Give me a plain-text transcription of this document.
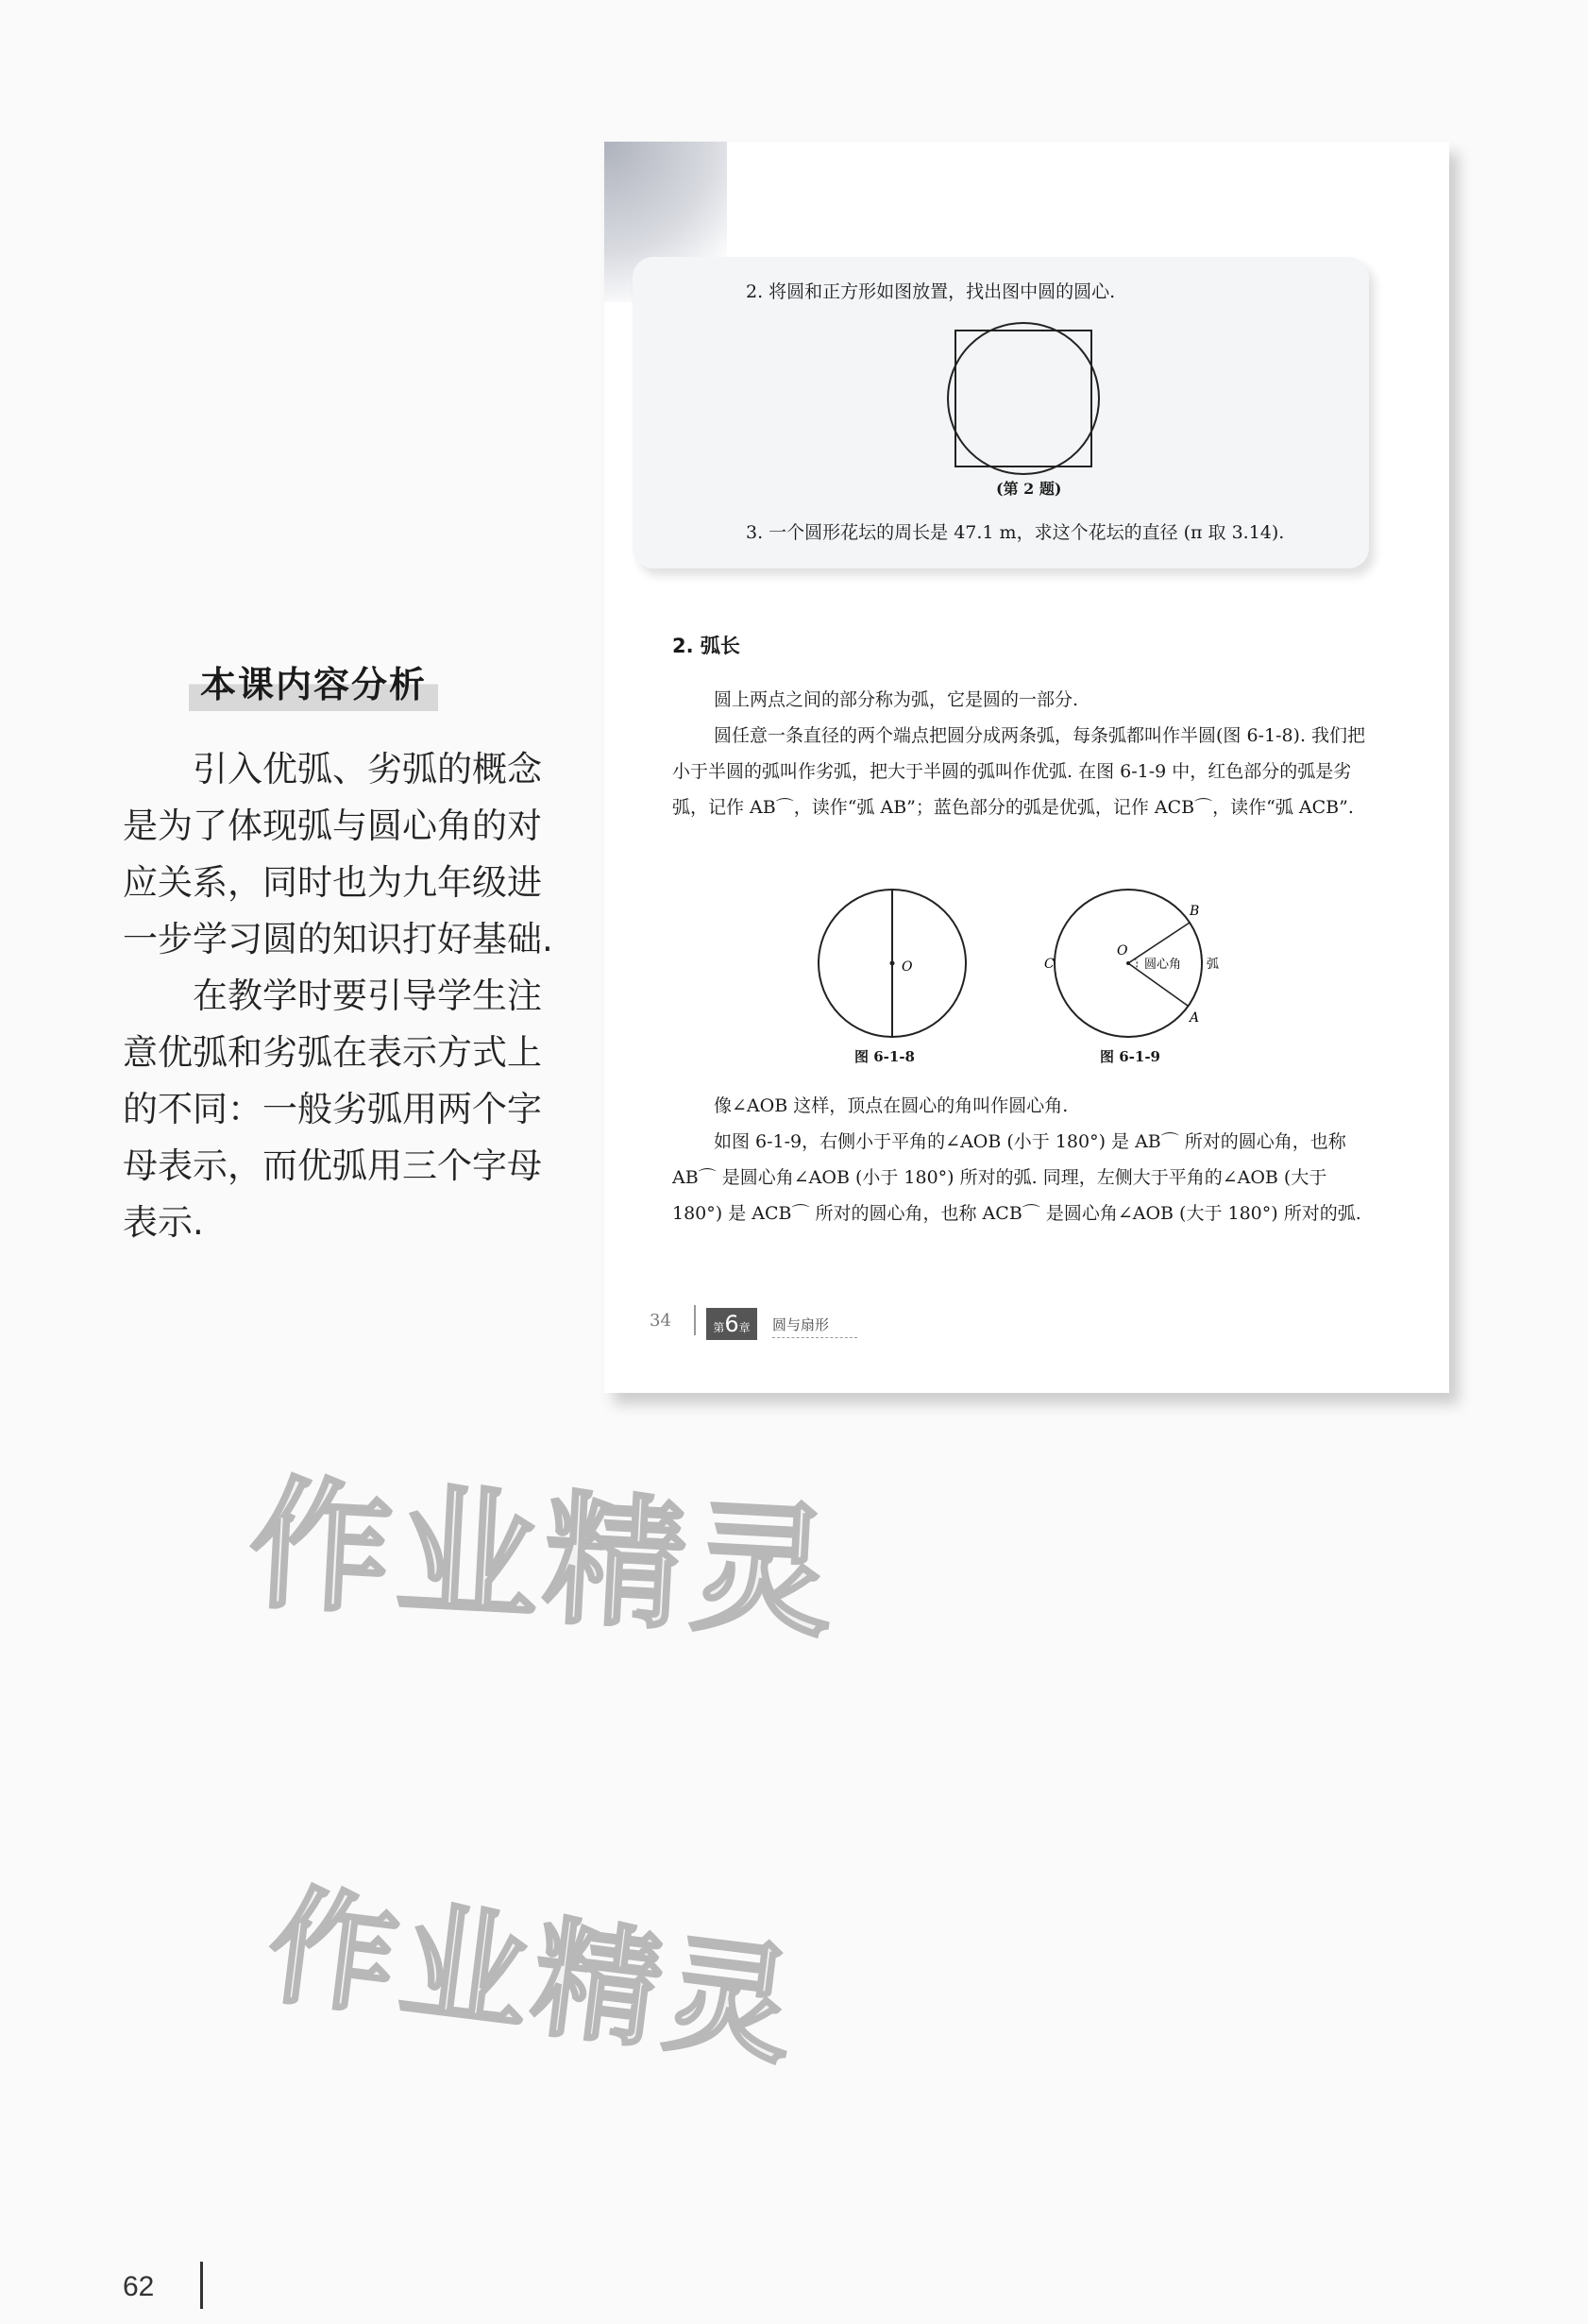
本课内容分析

引入优弧、劣弧的概念是为了体现弧与圆心角的对应关系，同时也为九年级进一步学习圆的知识打好基础.

在教学时要引导学生注意优弧和劣弧在表示方式上的不同：一般劣弧用两个字母表示，而优弧用三个字母表示.

2. 将圆和正方形如图放置，找出图中圆的圆心.
(第 2 题)
3. 一个圆形花坛的周长是 47.1 m，求这个花坛的直径 (π 取 3.14).
2. 弧长
圆上两点之间的部分称为弧，它是圆的一部分.
圆任意一条直径的两个端点把圆分成两条弧，每条弧都叫作半圆(图 6-1-8). 我们把小于半圆的弧叫作劣弧，把大于半圆的弧叫作优弧. 在图 6-1-9 中，红色部分的弧是劣弧，记作 AB⌒，读作“弧 AB”；蓝色部分的弧是优弧，记作 ACB⌒，读作“弧 ACB”.
O
O
B
A
C	圆心角 弧
图 6-1-8	图 6-1-9
像∠AOB 这样，顶点在圆心的角叫作圆心角.
如图 6-1-9，右侧小于平角的∠AOB (小于 180°) 是 AB⌒ 所对的圆心角，也称 AB⌒ 是圆心角∠AOB (小于 180°) 所对的弧. 同理，左侧大于平角的∠AOB (大于 180°) 是 ACB⌒ 所对的圆心角，也称 ACB⌒ 是圆心角∠AOB (大于 180°) 所对的弧.
34	第6章	圆与扇形
作业精灵
作业精灵
62
